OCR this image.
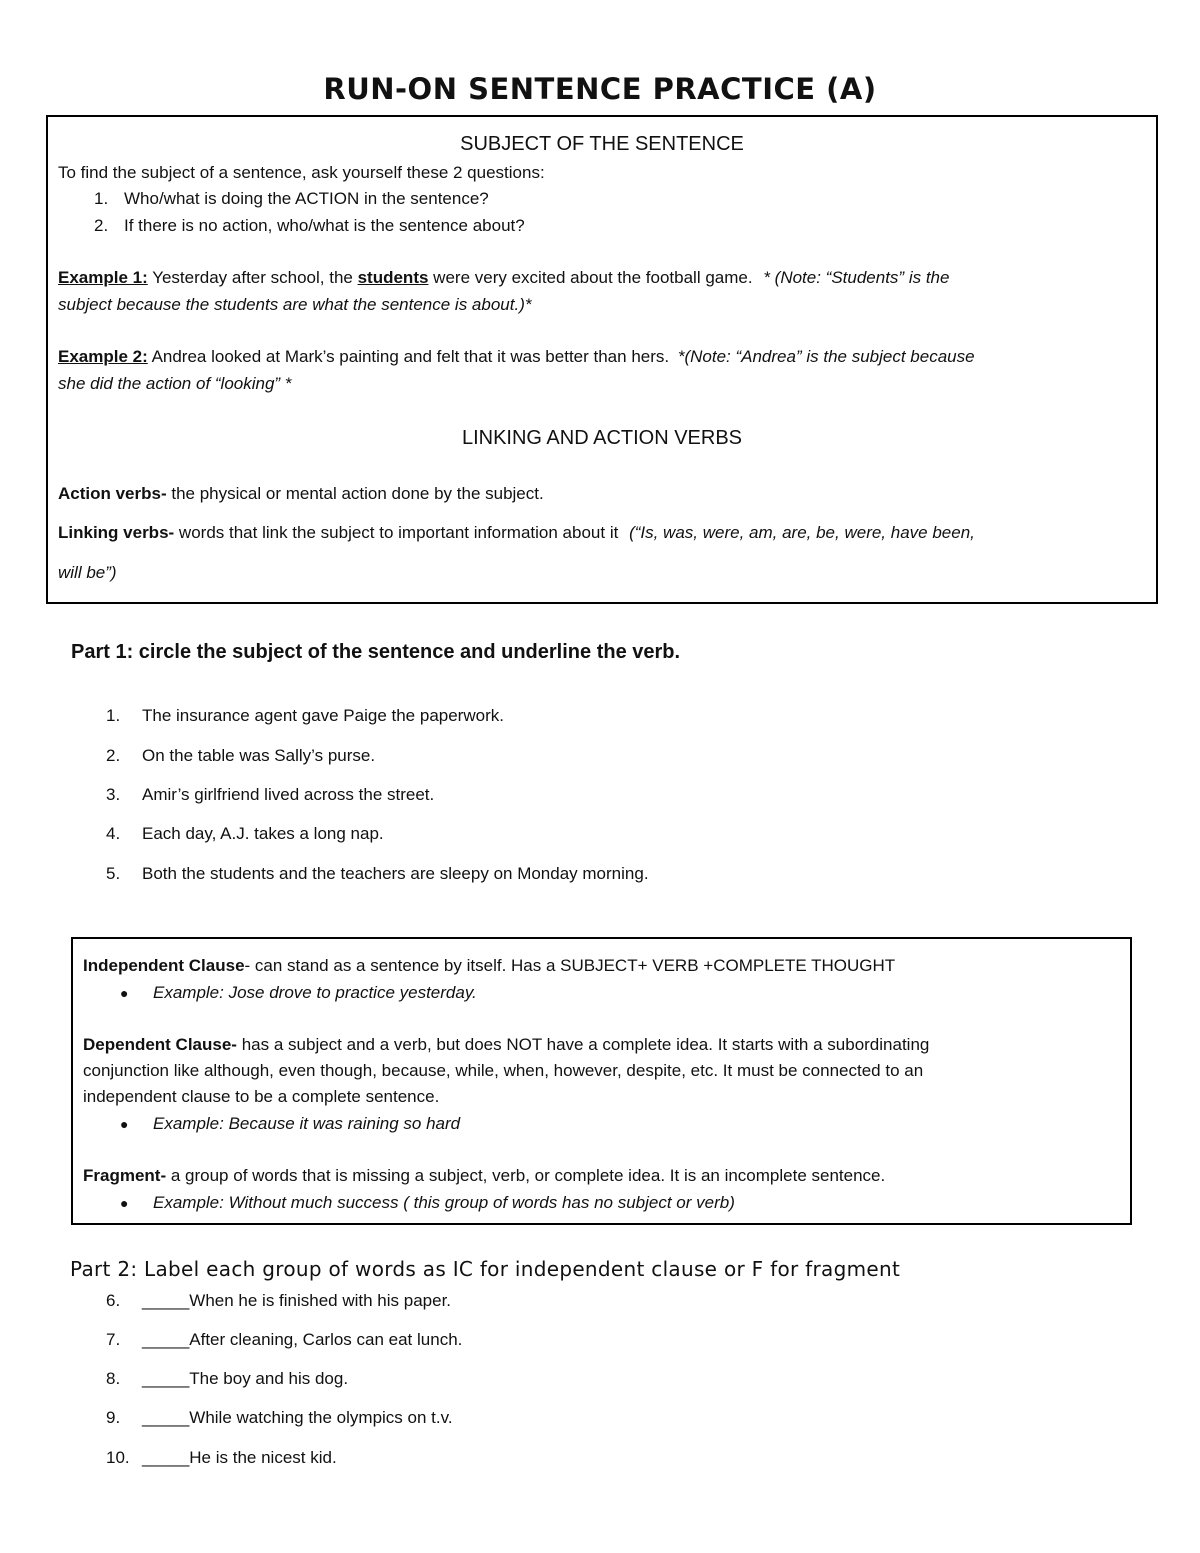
RUN-ON SENTENCE PRACTICE (A)
SUBJECT OF THE SENTENCE
To find the subject of a sentence, ask yourself these 2 questions:
1. Who/what is doing the ACTION in the sentence?
2. If there is no action, who/what is the sentence about?
Example 1: Yesterday after school, the students were very excited about the football game. * (Note: “Students” is the
subject because the students are what the sentence is about.)*
Example 2: Andrea looked at Mark’s painting and felt that it was better than hers. *(Note: “Andrea” is the subject because
she did the action of “looking” *
LINKING AND ACTION VERBS
Action verbs- the physical or mental action done by the subject.
Linking verbs- words that link the subject to important information about it (“Is, was, were, am, are, be, were, have been,
will be”)
Part 1: circle the subject of the sentence and underline the verb.
1. The insurance agent gave Paige the paperwork.
2. On the table was Sally’s purse.
3. Amir’s girlfriend lived across the street.
4. Each day, A.J. takes a long nap.
5. Both the students and the teachers are sleepy on Monday morning.
Independent Clause- can stand as a sentence by itself. Has a SUBJECT+ VERB +COMPLETE THOUGHT
● Example: Jose drove to practice yesterday.
Dependent Clause- has a subject and a verb, but does NOT have a complete idea. It starts with a subordinating
conjunction like although, even though, because, while, when, however, despite, etc. It must be connected to an
independent clause to be a complete sentence.
● Example: Because it was raining so hard
Fragment- a group of words that is missing a subject, verb, or complete idea. It is an incomplete sentence.
● Example: Without much success ( this group of words has no subject or verb)
Part 2: Label each group of words as IC for independent clause or F for fragment
6. _____When he is finished with his paper.
7. _____After cleaning, Carlos can eat lunch.
8. _____The boy and his dog.
9. _____While watching the olympics on t.v.
10. _____He is the nicest kid.
